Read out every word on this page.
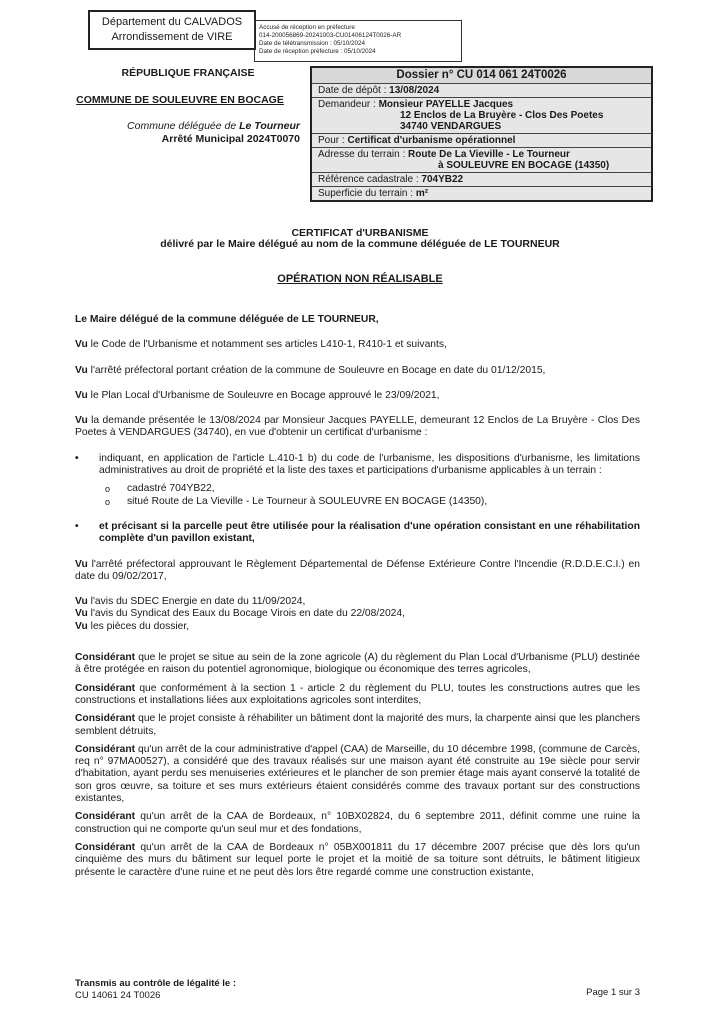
Département du CALVADOS
Arrondissement de VIRE
Accusé de réception en préfecture
014-200056869-20241003-CU01406124T0026-AR
Date de télétransmission : 05/10/2024
Date de réception préfecture : 05/10/2024
RÉPUBLIQUE FRANÇAISE
COMMUNE DE SOULEUVRE EN BOCAGE
Commune déléguée de Le Tourneur
Arrêté Municipal 2024T0070
Dossier n° CU 014 061 24T0026
Date de dépôt : 13/08/2024
Demandeur : Monsieur PAYELLE Jacques
12 Enclos de La Bruyère - Clos Des Poetes
34740 VENDARGUES
Pour : Certificat d'urbanisme opérationnel
Adresse du terrain : Route De La Vieville - Le Tourneur
à SOULEUVRE EN BOCAGE (14350)
Référence cadastrale : 704YB22
Superficie du terrain : m²
CERTIFICAT d'URBANISME
délivré par le Maire délégué au nom de la commune déléguée de LE TOURNEUR
OPÉRATION NON RÉALISABLE

Le Maire délégué de la commune déléguée de LE TOURNEUR,

Vu le Code de l'Urbanisme et notamment ses articles L410-1, R410-1 et suivants,

Vu l'arrêté préfectoral portant création de la commune de Souleuvre en Bocage en date du 01/12/2015,

Vu le Plan Local d'Urbanisme de Souleuvre en Bocage approuvé le 23/09/2021,

Vu la demande présentée le 13/08/2024 par Monsieur Jacques PAYELLE, demeurant 12 Enclos de La Bruyère - Clos Des Poetes à VENDARGUES (34740), en vue d'obtenir un certificat d'urbanisme :

•	indiquant, en application de l'article L.410-1 b) du code de l'urbanisme, les dispositions d'urbanisme, les limitations administratives au droit de propriété et la liste des taxes et participations d'urbanisme applicables à un terrain :
o	cadastré 704YB22,
o	situé Route de La Vieville - Le Tourneur à SOULEUVRE EN BOCAGE (14350),
•	et précisant si la parcelle peut être utilisée pour la réalisation d'une opération consistant en une réhabilitation complète d'un pavillon existant,

Vu l'arrêté préfectoral approuvant le Règlement Départemental de Défense Extérieure Contre l'Incendie (R.D.D.E.C.I.) en date du 09/02/2017,

Vu l'avis du SDEC Energie en date du 11/09/2024,

Vu l'avis du Syndicat des Eaux du Bocage Virois en date du 22/08/2024,

Vu les pièces du dossier,

Considérant que le projet se situe au sein de la zone agricole (A) du règlement du Plan Local d'Urbanisme (PLU) destinée à être protégée en raison du potentiel agronomique, biologique ou économique des terres agricoles,

Considérant que conformément à la section 1 - article 2 du règlement du PLU, toutes les constructions autres que les constructions et installations liées aux exploitations agricoles sont interdites,

Considérant que le projet consiste à réhabiliter un bâtiment dont la majorité des murs, la charpente ainsi que les planchers semblent détruits,

Considérant qu'un arrêt de la cour administrative d'appel (CAA) de Marseille, du 10 décembre 1998, (commune de Carcès, req n° 97MA00527), a considéré que des travaux réalisés sur une maison ayant été construite au 19e siècle pour servir d'habitation, ayant perdu ses menuiseries extérieures et le plancher de son premier étage mais ayant conservé la totalité de son gros œuvre, sa toiture et ses murs extérieurs étaient considérés comme des travaux portant sur des constructions existantes,

Considérant qu'un arrêt de la CAA de Bordeaux, n° 10BX02824, du 6 septembre 2011, définit comme une ruine la construction qui ne comporte qu'un seul mur et des fondations,

Considérant qu'un arrêt de la CAA de Bordeaux n° 05BX001811 du 17 décembre 2007 précise que dès lors qu'un cinquième des murs du bâtiment sur lequel porte le projet et la moitié de sa toiture sont détruits, le bâtiment litigieux présente le caractère d'une ruine et ne peut dès lors être regardé comme une construction existante,

Transmis au contrôle de légalité le :
CU 14061 24 T0026	Page 1 sur 3
